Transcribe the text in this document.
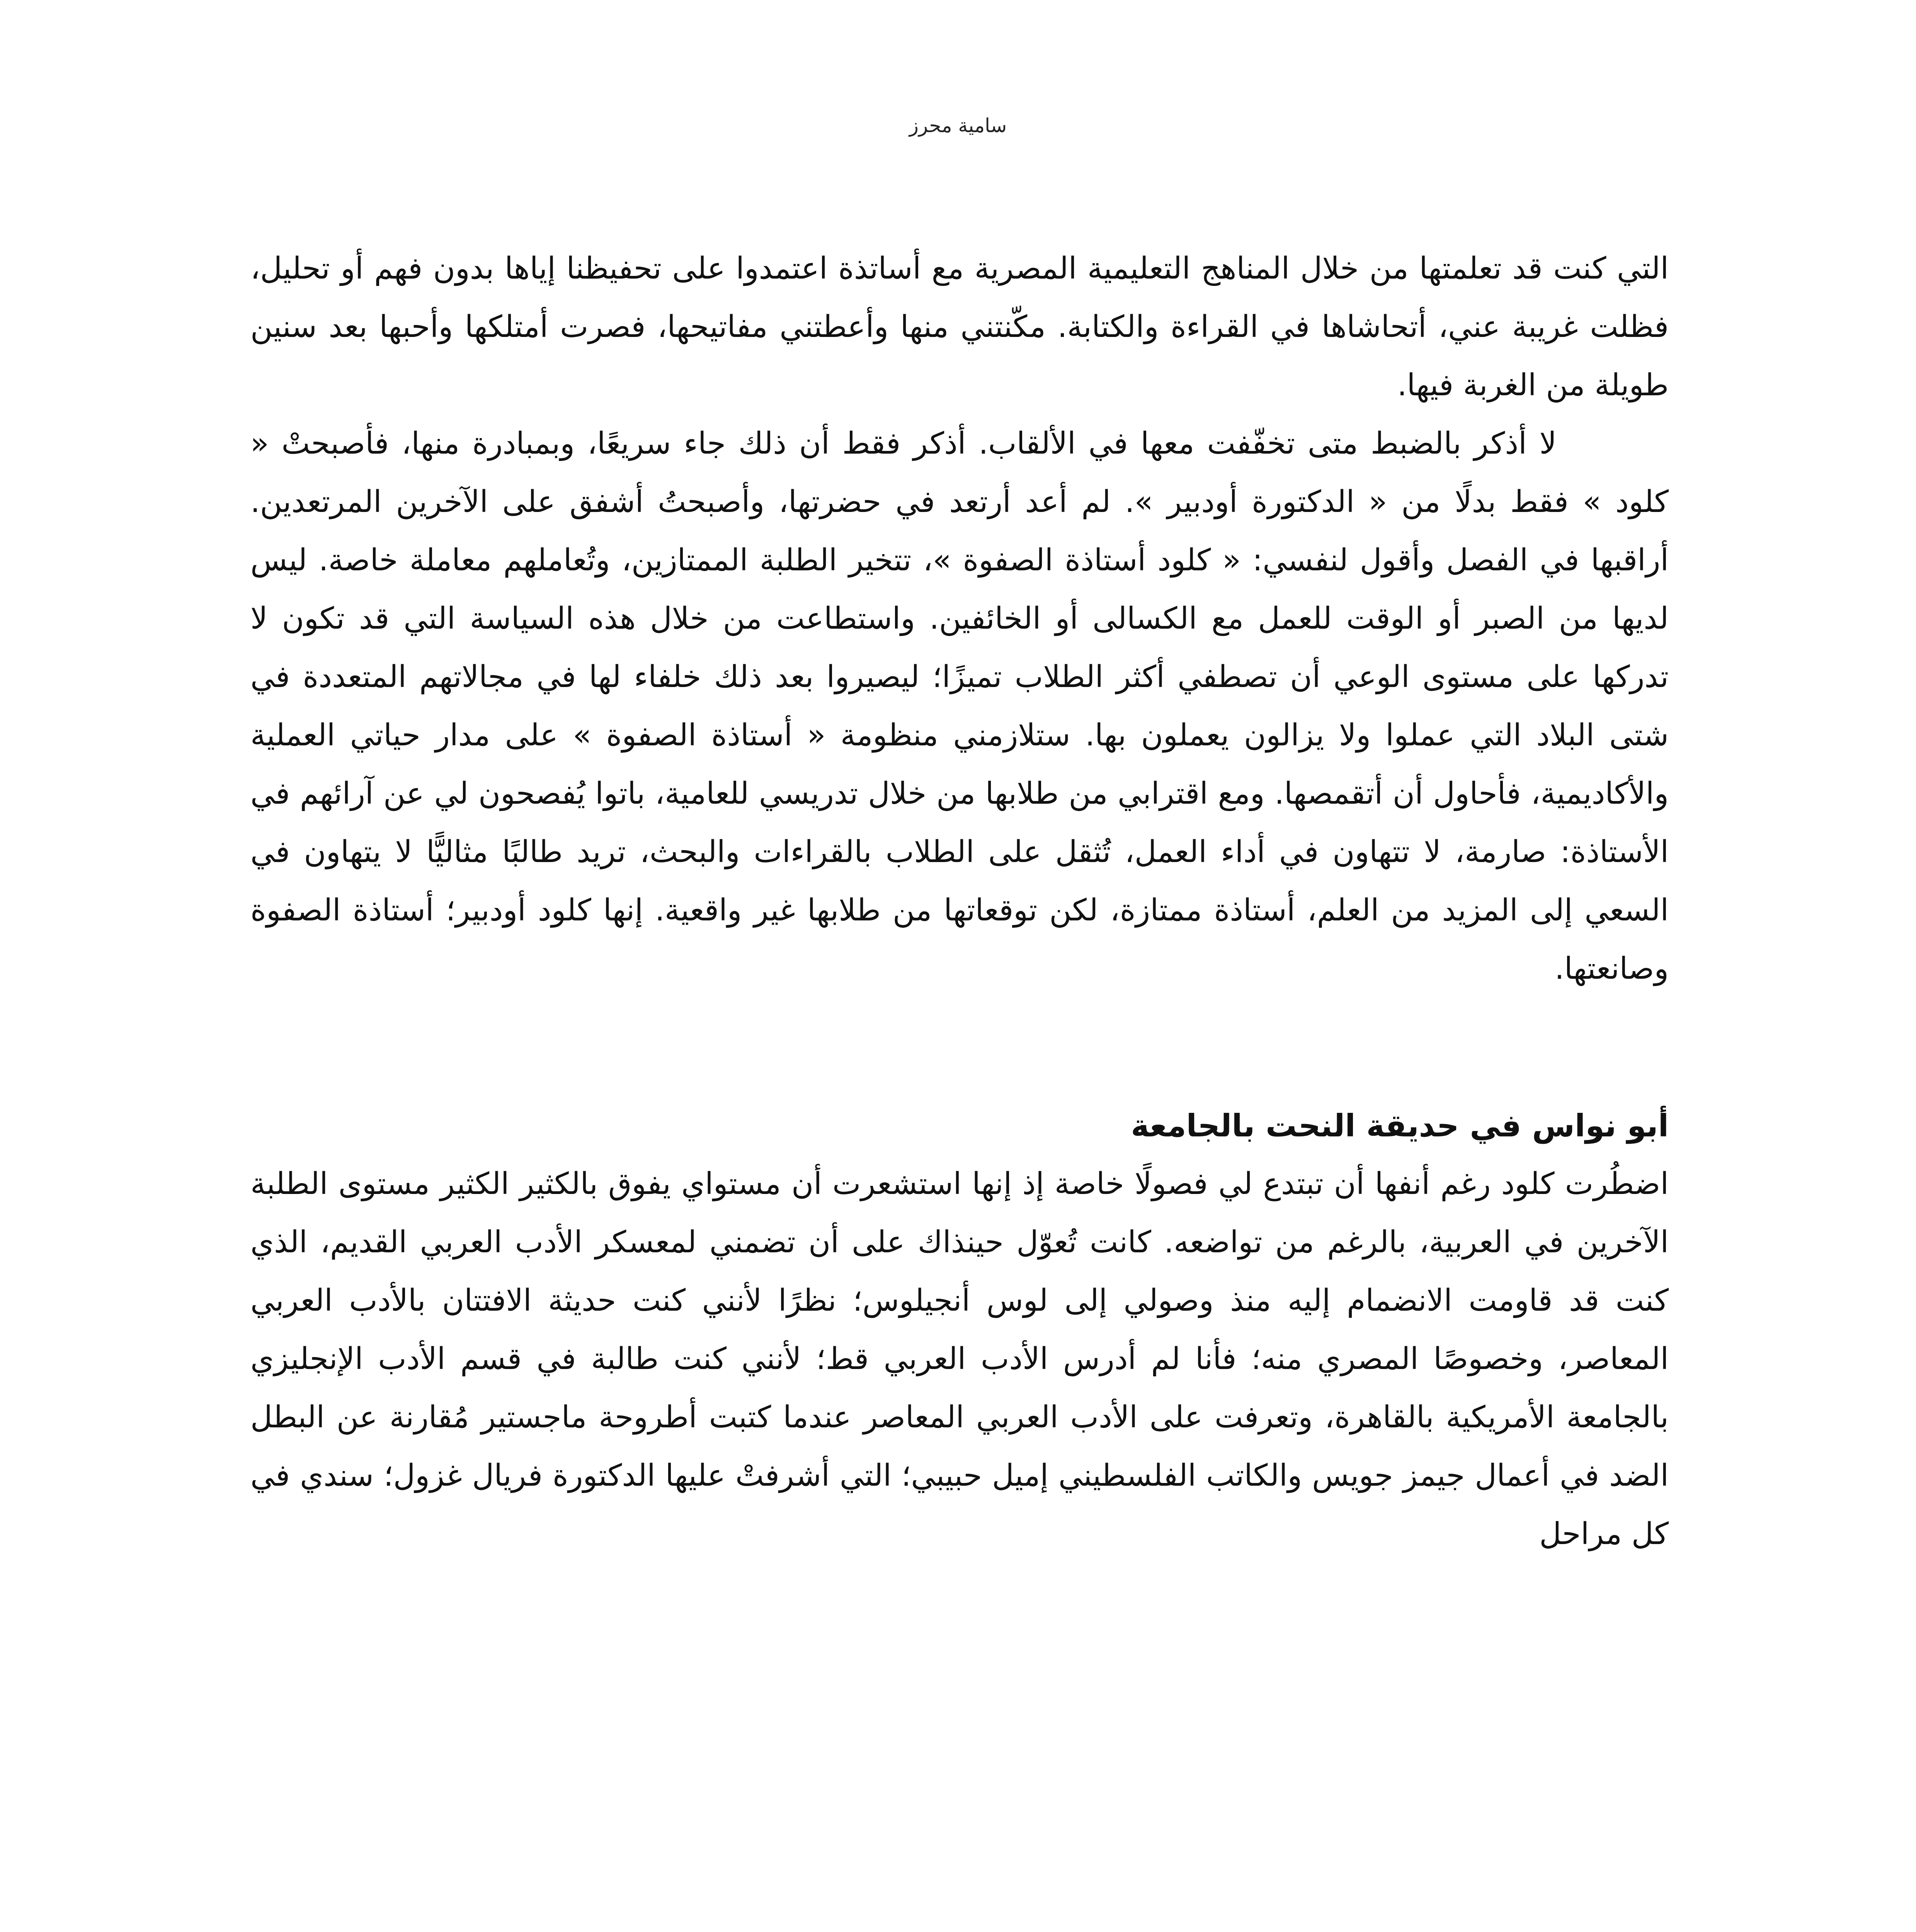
سامية محرز

التي كنت قد تعلمتها من خلال المناهج التعليمية المصرية مع أساتذة اعتمدوا على تحفيظنا إياها بدون فهم أو تحليل، فظلت غريبة عني، أتحاشاها في القراءة والكتابة. مكّنتني منها وأعطتني مفاتيحها، فصرت أمتلكها وأحبها بعد سنين طويلة من الغربة فيها.

لا أذكر بالضبط متى تخفّفت معها في الألقاب. أذكر فقط أن ذلك جاء سريعًا، وبمبادرة منها، فأصبحتْ « كلود » فقط بدلًا من « الدكتورة أودبير ». لم أعد أرتعد في حضرتها، وأصبحتُ أشفق على الآخرين المرتعدين. أراقبها في الفصل وأقول لنفسي: « كلود أستاذة الصفوة »، تتخير الطلبة الممتازين، وتُعاملهم معاملة خاصة. ليس لديها من الصبر أو الوقت للعمل مع الكسالى أو الخائفين. واستطاعت من خلال هذه السياسة التي قد تكون لا تدركها على مستوى الوعي أن تصطفي أكثر الطلاب تميزًا؛ ليصيروا بعد ذلك خلفاء لها في مجالاتهم المتعددة في شتى البلاد التي عملوا ولا يزالون يعملون بها. ستلازمني منظومة « أستاذة الصفوة » على مدار حياتي العملية والأكاديمية، فأحاول أن أتقمصها. ومع اقترابي من طلابها من خلال تدريسي للعامية، باتوا يُفصحون لي عن آرائهم في الأستاذة: صارمة، لا تتهاون في أداء العمل، تُثقل على الطلاب بالقراءات والبحث، تريد طالبًا مثاليًّا لا يتهاون في السعي إلى المزيد من العلم، أستاذة ممتازة، لكن توقعاتها من طلابها غير واقعية. إنها كلود أودبير؛ أستاذة الصفوة وصانعتها.

أبو نواس في حديقة النحت بالجامعة

اضطُرت كلود رغم أنفها أن تبتدع لي فصولًا خاصة إذ إنها استشعرت أن مستواي يفوق بالكثير الكثير مستوى الطلبة الآخرين في العربية، بالرغم من تواضعه. كانت تُعوّل حينذاك على أن تضمني لمعسكر الأدب العربي القديم، الذي كنت قد قاومت الانضمام إليه منذ وصولي إلى لوس أنجيلوس؛ نظرًا لأنني كنت حديثة الافتتان بالأدب العربي المعاصر، وخصوصًا المصري منه؛ فأنا لم أدرس الأدب العربي قط؛ لأنني كنت طالبة في قسم الأدب الإنجليزي بالجامعة الأمريكية بالقاهرة، وتعرفت على الأدب العربي المعاصر عندما كتبت أطروحة ماجستير مُقارنة عن البطل الضد في أعمال جيمز جويس والكاتب الفلسطيني إميل حبيبي؛ التي أشرفتْ عليها الدكتورة فريال غزول؛ سندي في كل مراحل
